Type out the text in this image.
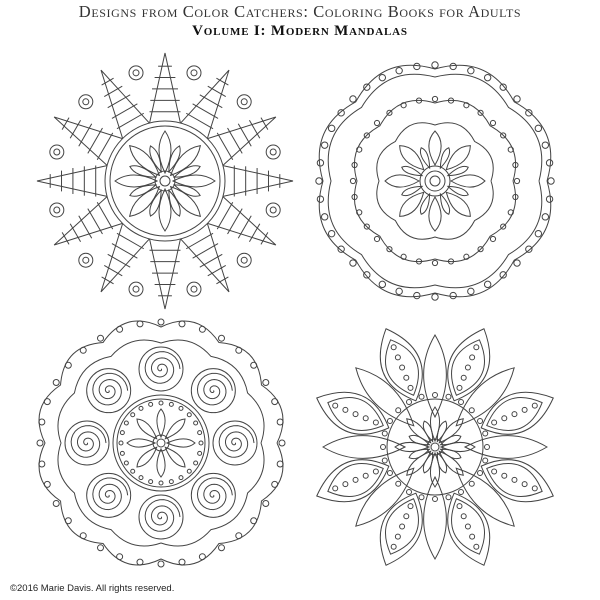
Designs from Color Catchers: Coloring Books for Adults
Volume I: Modern Mandalas
©2016 Marie Davis. All rights reserved.
